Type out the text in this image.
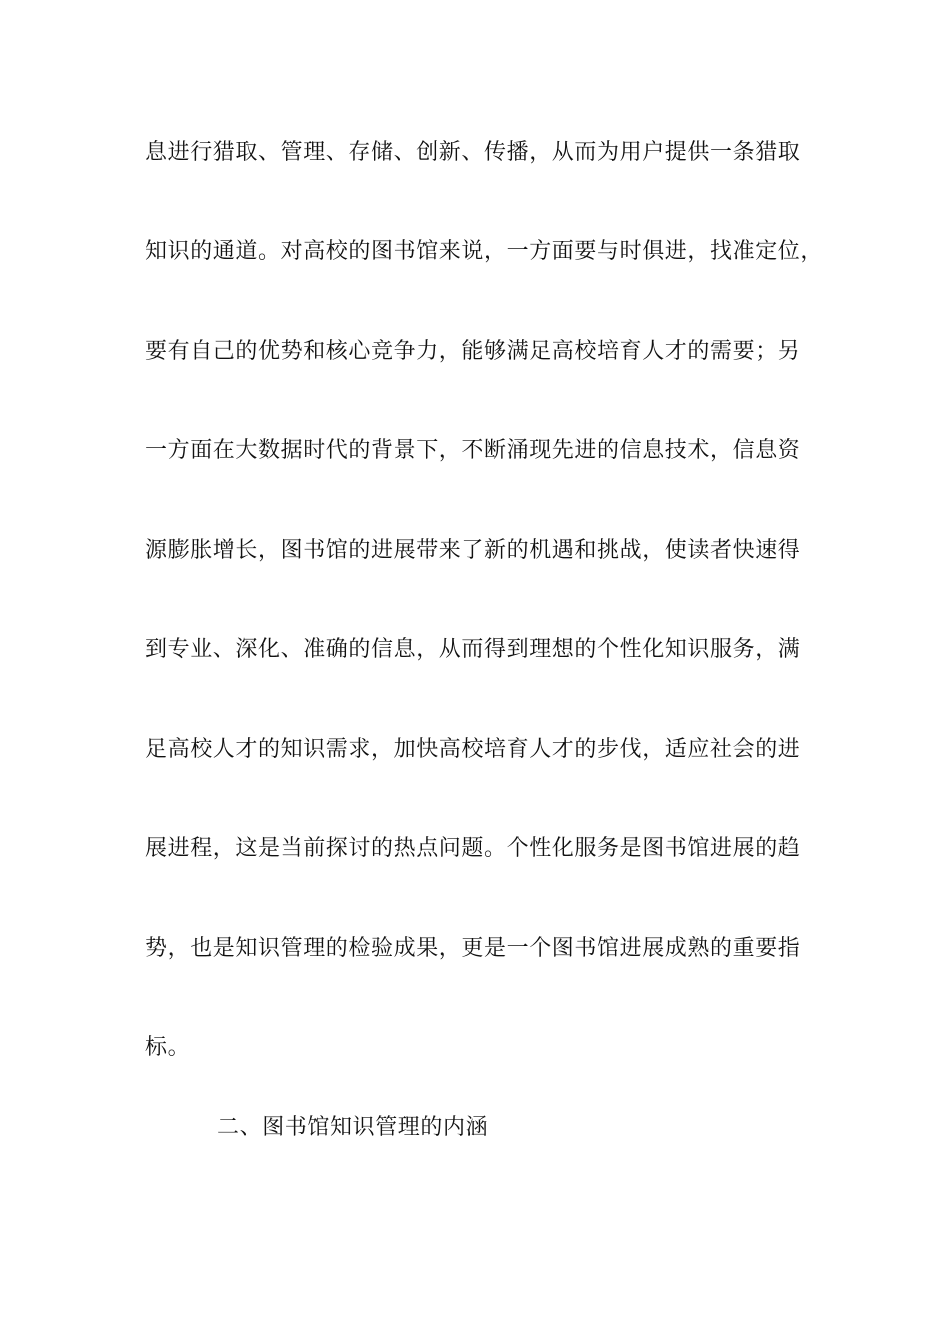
息进行猎取、管理、存储、创新、传播，从而为用户提供一条猎取
知识的通道。对高校的图书馆来说，一方面要与时俱进，找准定位，
要有自己的优势和核心竞争力，能够满足高校培育人才的需要；另
一方面在大数据时代的背景下，不断涌现先进的信息技术，信息资
源膨胀增长，图书馆的进展带来了新的机遇和挑战，使读者快速得
到专业、深化、准确的信息，从而得到理想的个性化知识服务，满
足高校人才的知识需求，加快高校培育人才的步伐，适应社会的进
展进程，这是当前探讨的热点问题。个性化服务是图书馆进展的趋
势，也是知识管理的检验成果，更是一个图书馆进展成熟的重要指
标。
二、图书馆知识管理的内涵
